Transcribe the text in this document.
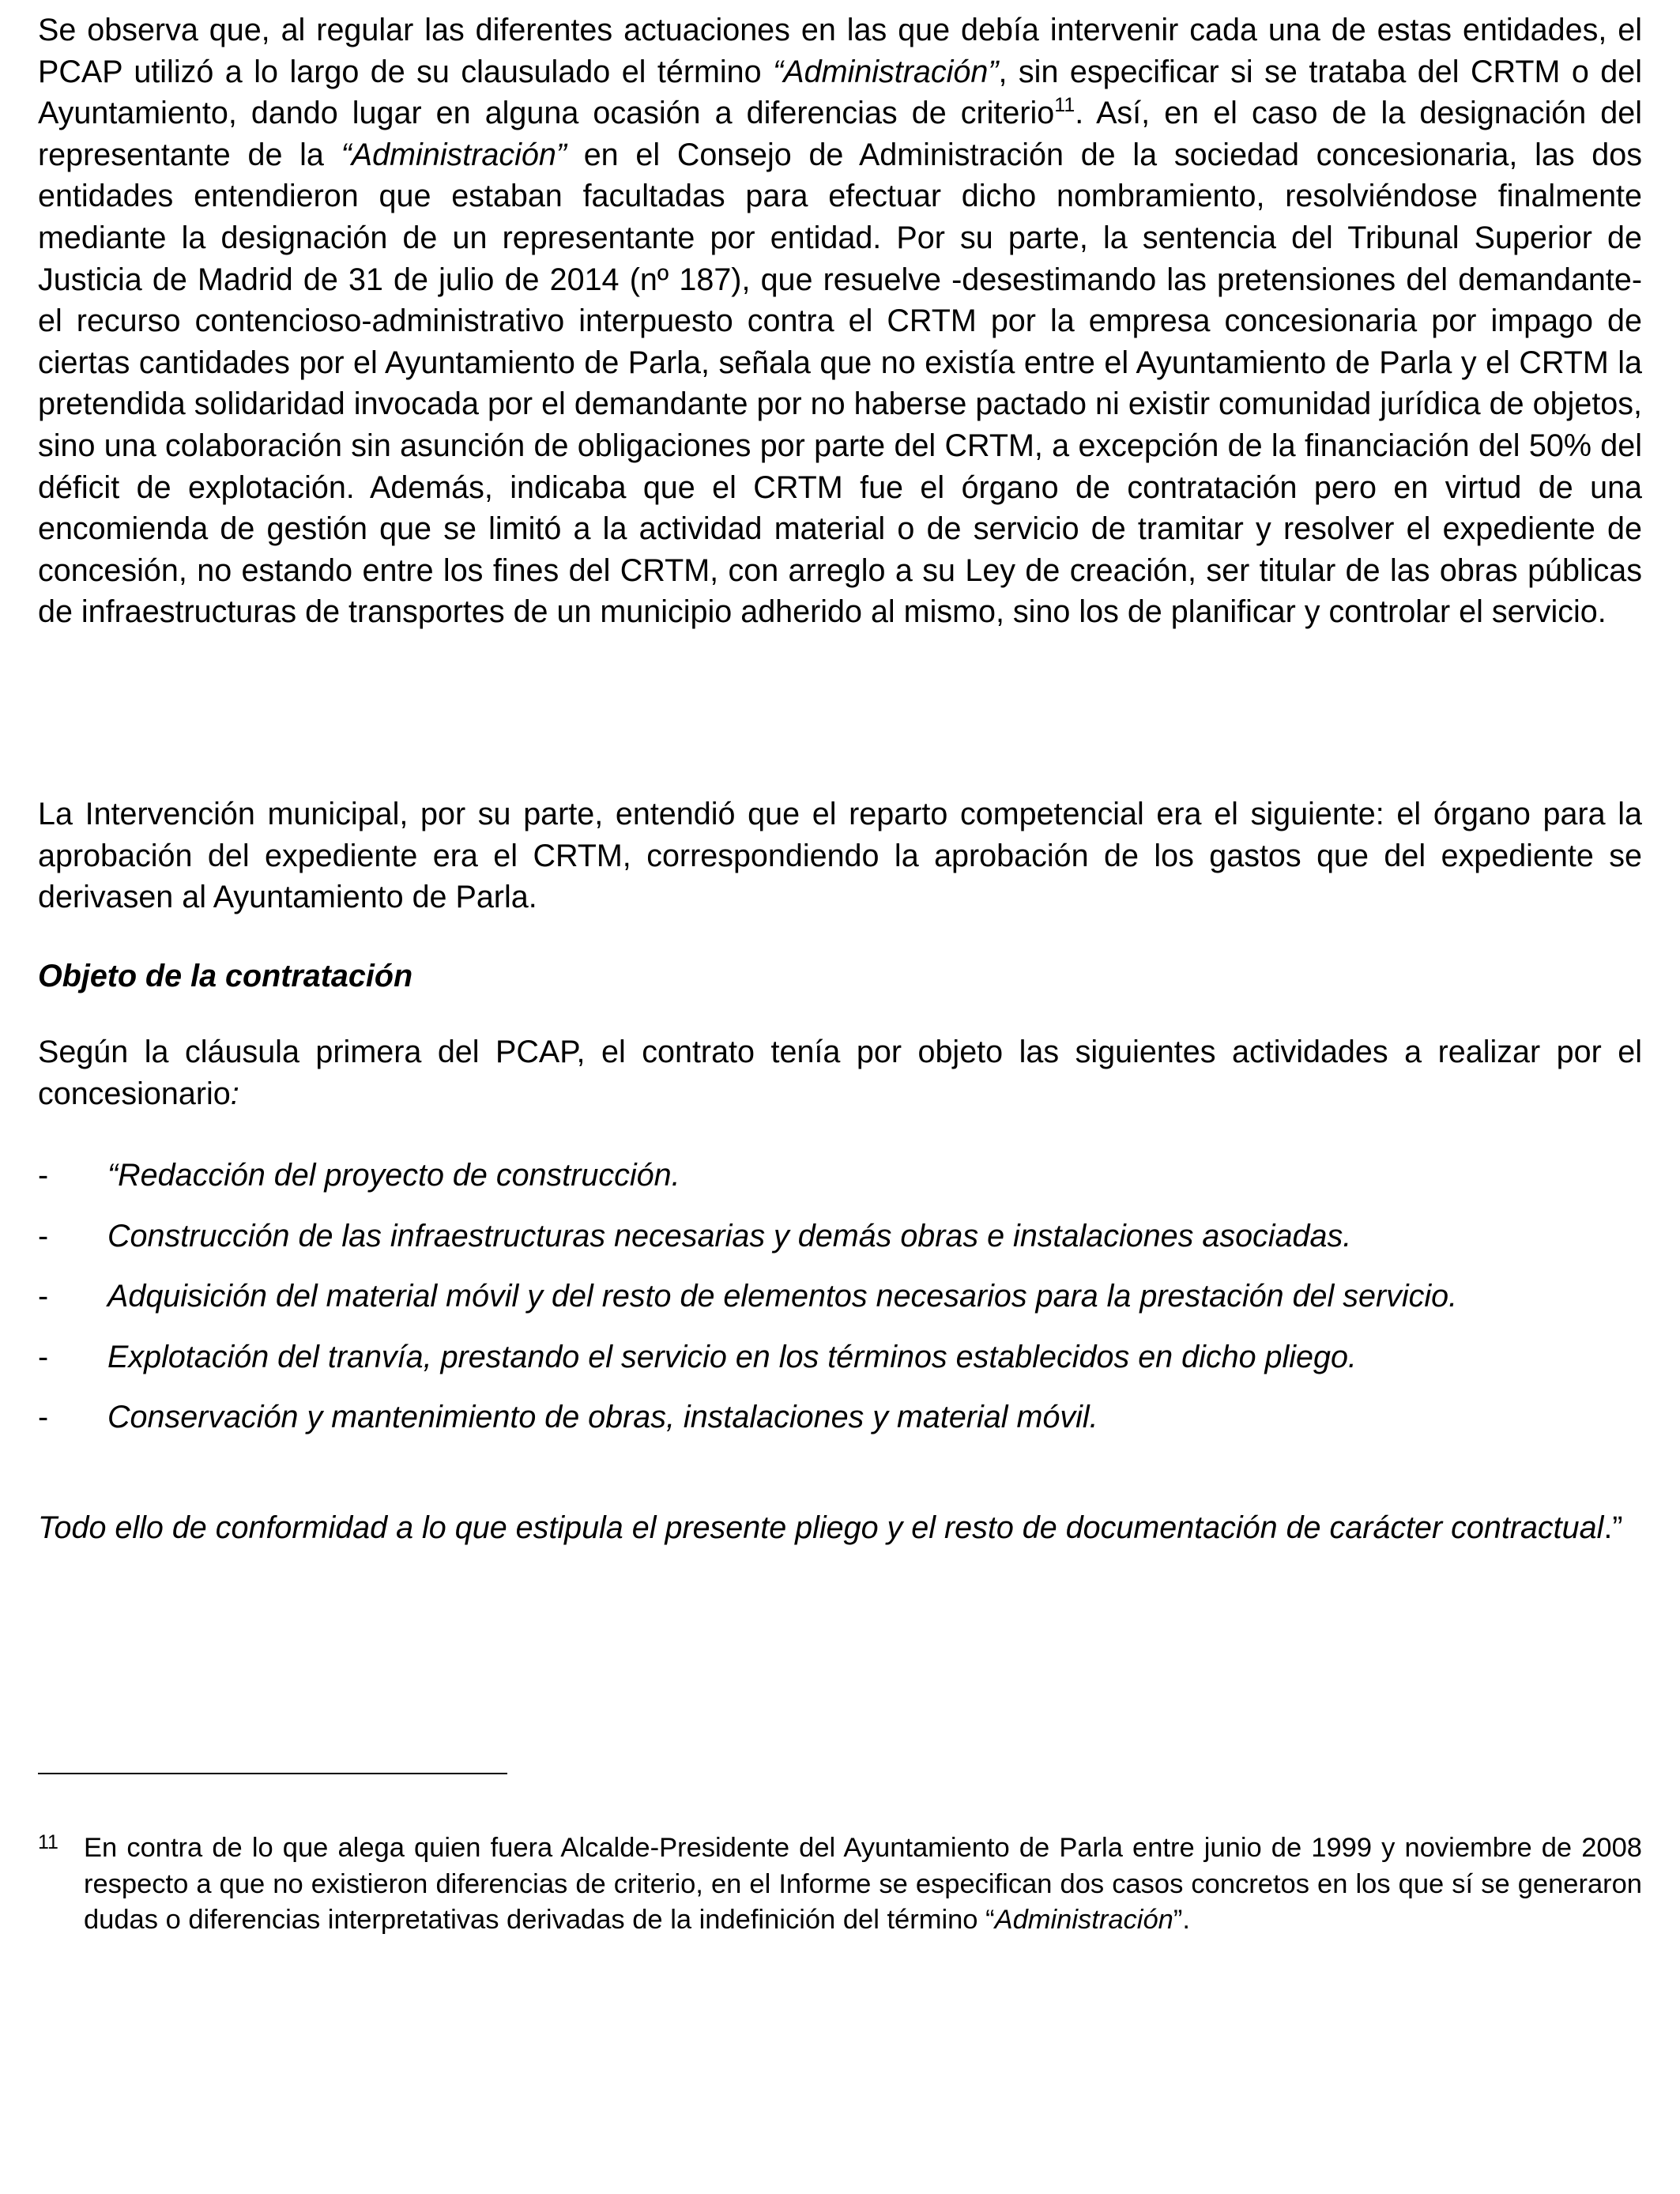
Se observa que, al regular las diferentes actuaciones en las que debía intervenir cada una de estas entidades, el PCAP utilizó a lo largo de su clausulado el término “Administración”, sin especificar si se trataba del CRTM o del Ayuntamiento, dando lugar en alguna ocasión a diferencias de criterio$^{11}$. Así, en el caso de la designación del representante de la “Administración” en el Consejo de Administración de la sociedad concesionaria, las dos entidades entendieron que estaban facultadas para efectuar dicho nombramiento, resolviéndose finalmente mediante la designación de un representante por entidad. Por su parte, la sentencia del Tribunal Superior de Justicia de Madrid de 31 de julio de 2014 (nº 187), que resuelve -desestimando las pretensiones del demandante- el recurso contencioso-administrativo interpuesto contra el CRTM por la empresa concesionaria por impago de ciertas cantidades por el Ayuntamiento de Parla, señala que no existía entre el Ayuntamiento de Parla y el CRTM la pretendida solidaridad invocada por el demandante por no haberse pactado ni existir comunidad jurídica de objetos, sino una colaboración sin asunción de obligaciones por parte del CRTM, a excepción de la financiación del 50% del déficit de explotación. Además, indicaba que el CRTM fue el órgano de contratación pero en virtud de una encomienda de gestión que se limitó a la actividad material o de servicio de tramitar y resolver el expediente de concesión, no estando entre los fines del CRTM, con arreglo a su Ley de creación, ser titular de las obras públicas de infraestructuras de transportes de un municipio adherido al mismo, sino los de planificar y controlar el servicio.

La Intervención municipal, por su parte, entendió que el reparto competencial era el siguiente: el órgano para la aprobación del expediente era el CRTM, correspondiendo la aprobación de los gastos que del expediente se derivasen al Ayuntamiento de Parla.

Objeto de la contratación

Según la cláusula primera del PCAP, el contrato tenía por objeto las siguientes actividades a realizar por el concesionario:

-	“Redacción del proyecto de construcción.
-	Construcción de las infraestructuras necesarias y demás obras e instalaciones asociadas.
-	Adquisición del material móvil y del resto de elementos necesarios para la prestación del servicio.
-	Explotación del tranvía, prestando el servicio en los términos establecidos en dicho pliego.
-	Conservación y mantenimiento de obras, instalaciones y material móvil.

Todo ello de conformidad a lo que estipula el presente pliego y el resto de documentación de carácter contractual.”

11 En contra de lo que alega quien fuera Alcalde-Presidente del Ayuntamiento de Parla entre junio de 1999 y noviembre de 2008 respecto a que no existieron diferencias de criterio, en el Informe se especifican dos casos concretos en los que sí se generaron dudas o diferencias interpretativas derivadas de la indefinición del término “Administración”.
